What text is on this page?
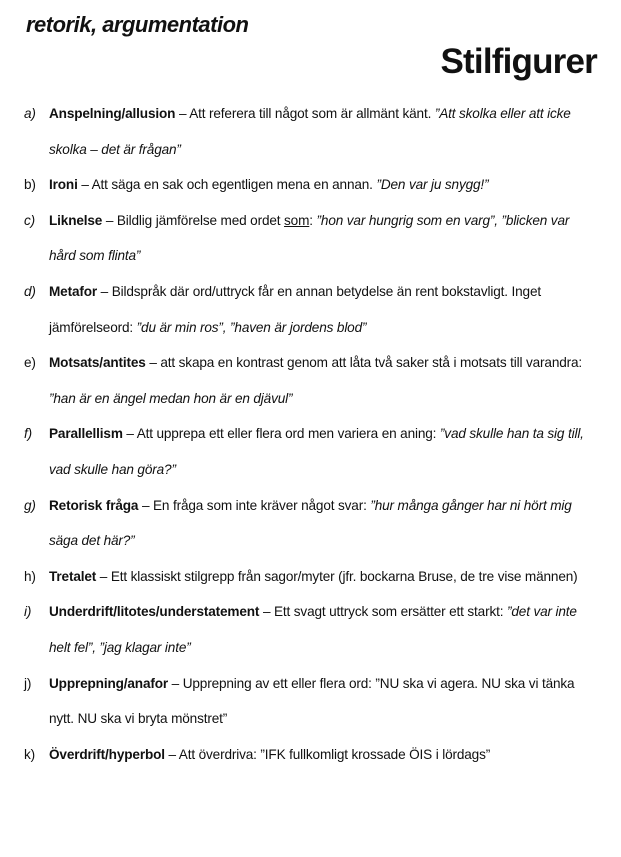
retorik, argumentation
Stilfigurer
a) Anspelning/allusion – Att referera till något som är allmänt känt. ”Att skolka eller att icke skolka – det är frågan”
b) Ironi – Att säga en sak och egentligen mena en annan. ”Den var ju snygg!”
c) Liknelse – Bildlig jämförelse med ordet som: ”hon var hungrig som en varg”, ”blicken var hård som flinta”
d) Metafor – Bildspråk där ord/uttryck får en annan betydelse än rent bokstavligt. Inget jämförelseord: ”du är min ros”, ”haven är jordens blod”
e) Motsats/antites – att skapa en kontrast genom att låta två saker stå i motsats till varandra: ”han är en ängel medan hon är en djävul”
f) Parallellism – Att upprepa ett eller flera ord men variera en aning: ”vad skulle han ta sig till, vad skulle han göra?”
g) Retorisk fråga – En fråga som inte kräver något svar: ”hur många gånger har ni hört mig säga det här?”
h) Tretalet – Ett klassiskt stilgrepp från sagor/myter (jfr. bockarna Bruse, de tre vise männen)
i) Underdrift/litotes/understatement – Ett svagt uttryck som ersätter ett starkt: ”det var inte helt fel”, ”jag klagar inte”
j) Upprepning/anafor – Upprepning av ett eller flera ord: ”NU ska vi agera. NU ska vi tänka nytt. NU ska vi bryta mönstret”
k) Överdrift/hyperbol – Att överdriva: ”IFK fullkomligt krossade ÖIS i lördags”
